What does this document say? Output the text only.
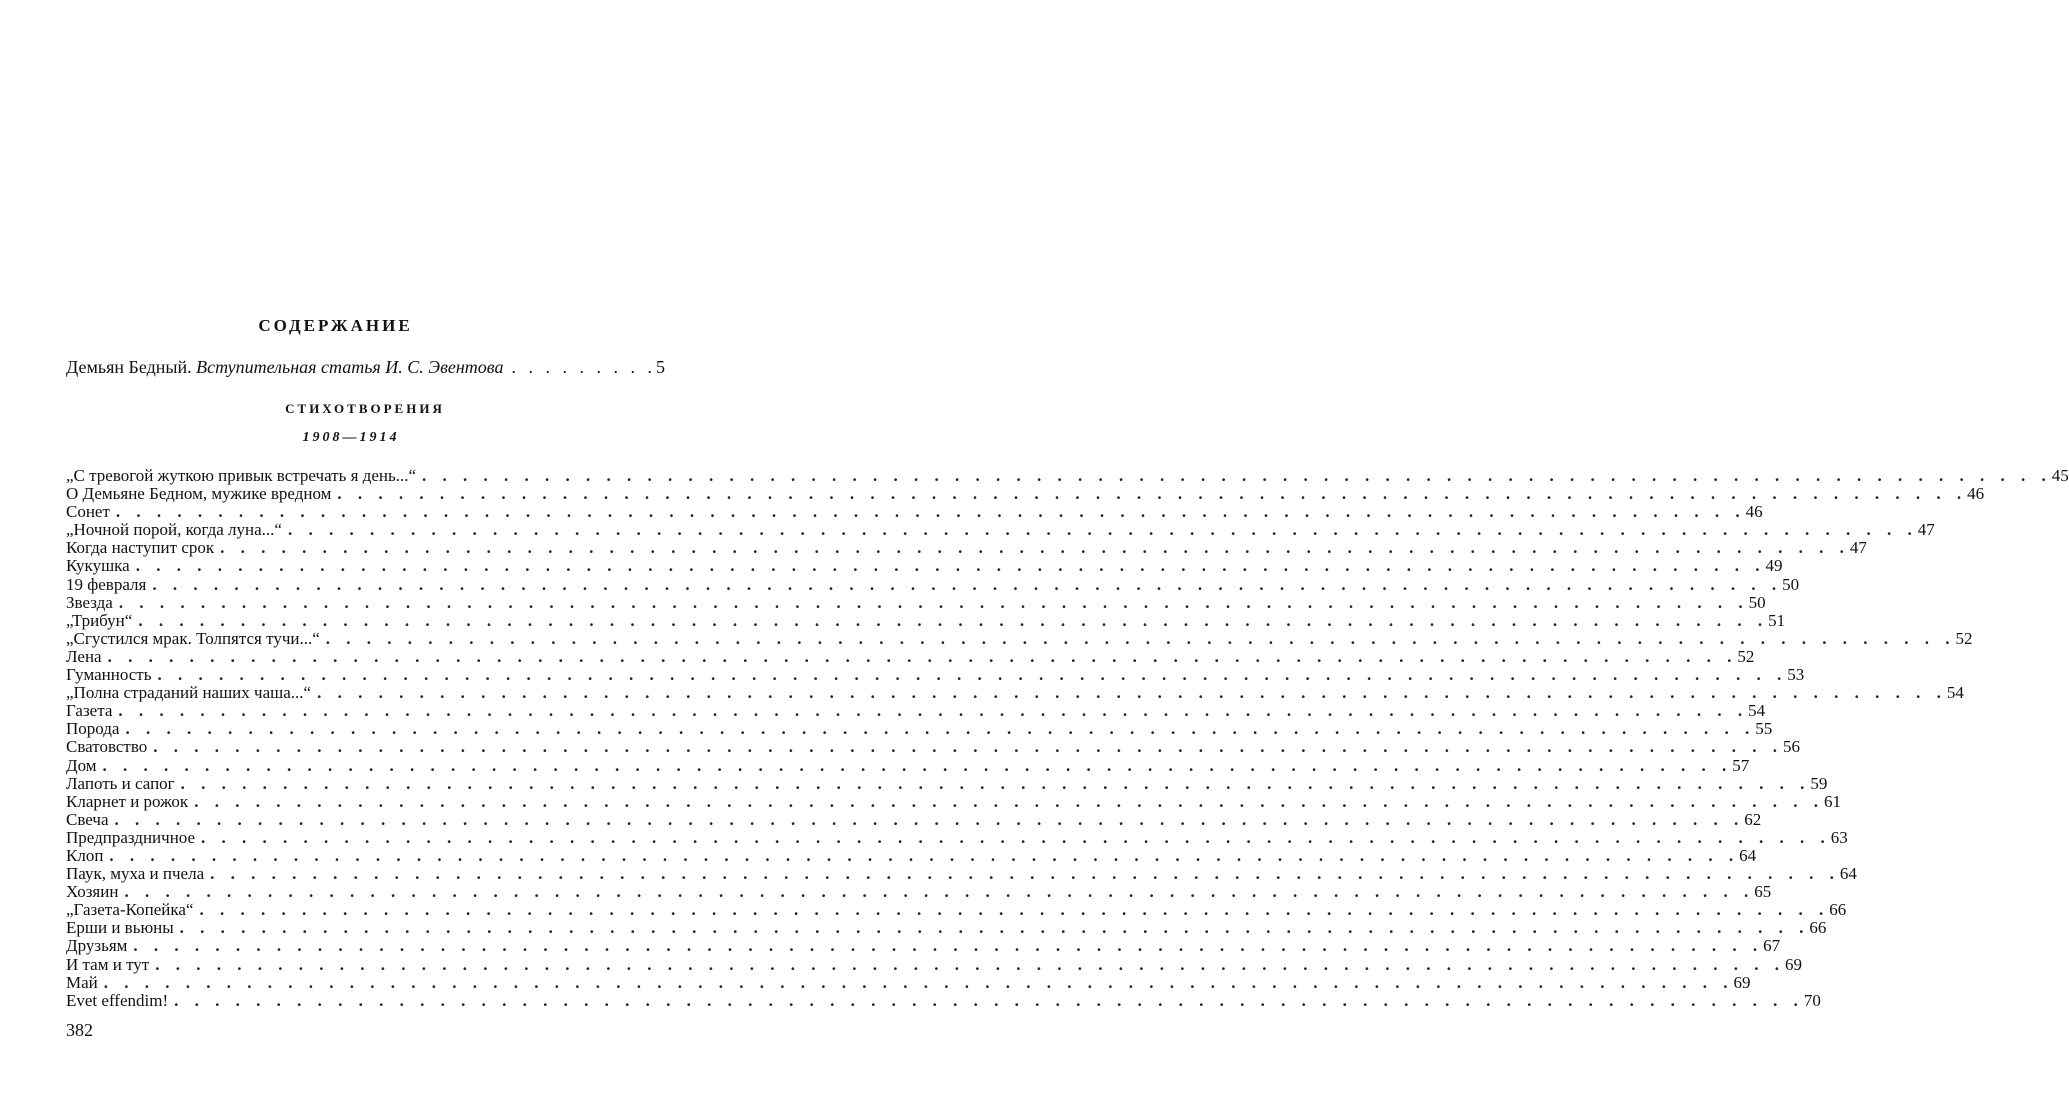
СОДЕРЖАНИЕ
Демьян Бедный. Вступительная статья И. С. Эвентова . . . . . . . . . 5
СТИХОТВОРЕНИЯ
1908—1914
„С тревогой жуткою привык встречать я день...“ . . . . . . . . . . . . . . . . . . . . . . . . . . . . . . . . . . . . . . . . . . . . . . . . . . . . . . . . . . . . . . . . . . . . . . . . . . . . . . . . 45
О Демьяне Бедном, мужике вредном . . . . . . . . . . . . . . . . . . . . . . . . . . . . . . . . . . . . . . . . . . . . . . . . . . . . . . . . . . . . . . . . . . . . . . . . . . . . . . . . 46
Сонет . . . . . . . . . . . . . . . . . . . . . . . . . . . . . . . . . . . . . . . . . . . . . . . . . . . . . . . . . . . . . . . . . . . . . . . . . . . . . . . . 46
„Ночной порой, когда луна...“ . . . . . . . . . . . . . . . . . . . . . . . . . . . . . . . . . . . . . . . . . . . . . . . . . . . . . . . . . . . . . . . . . . . . . . . . . . . . . . . . 47
Когда наступит срок . . . . . . . . . . . . . . . . . . . . . . . . . . . . . . . . . . . . . . . . . . . . . . . . . . . . . . . . . . . . . . . . . . . . . . . . . . . . . . . . 47
Кукушка . . . . . . . . . . . . . . . . . . . . . . . . . . . . . . . . . . . . . . . . . . . . . . . . . . . . . . . . . . . . . . . . . . . . . . . . . . . . . . . . 49
19 февраля . . . . . . . . . . . . . . . . . . . . . . . . . . . . . . . . . . . . . . . . . . . . . . . . . . . . . . . . . . . . . . . . . . . . . . . . . . . . . . . . 50
Звезда . . . . . . . . . . . . . . . . . . . . . . . . . . . . . . . . . . . . . . . . . . . . . . . . . . . . . . . . . . . . . . . . . . . . . . . . . . . . . . . . 50
„Трибун“ . . . . . . . . . . . . . . . . . . . . . . . . . . . . . . . . . . . . . . . . . . . . . . . . . . . . . . . . . . . . . . . . . . . . . . . . . . . . . . . . 51
„Сгустился мрак. Толпятся тучи...“ . . . . . . . . . . . . . . . . . . . . . . . . . . . . . . . . . . . . . . . . . . . . . . . . . . . . . . . . . . . . . . . . . . . . . . . . . . . . . . . . 52
Лена . . . . . . . . . . . . . . . . . . . . . . . . . . . . . . . . . . . . . . . . . . . . . . . . . . . . . . . . . . . . . . . . . . . . . . . . . . . . . . . . 52
Гуманность . . . . . . . . . . . . . . . . . . . . . . . . . . . . . . . . . . . . . . . . . . . . . . . . . . . . . . . . . . . . . . . . . . . . . . . . . . . . . . . . 53
„Полна страданий наших чаша...“ . . . . . . . . . . . . . . . . . . . . . . . . . . . . . . . . . . . . . . . . . . . . . . . . . . . . . . . . . . . . . . . . . . . . . . . . . . . . . . . . 54
Газета . . . . . . . . . . . . . . . . . . . . . . . . . . . . . . . . . . . . . . . . . . . . . . . . . . . . . . . . . . . . . . . . . . . . . . . . . . . . . . . . 54
Порода . . . . . . . . . . . . . . . . . . . . . . . . . . . . . . . . . . . . . . . . . . . . . . . . . . . . . . . . . . . . . . . . . . . . . . . . . . . . . . . . 55
Сватовство . . . . . . . . . . . . . . . . . . . . . . . . . . . . . . . . . . . . . . . . . . . . . . . . . . . . . . . . . . . . . . . . . . . . . . . . . . . . . . . . 56
Дом . . . . . . . . . . . . . . . . . . . . . . . . . . . . . . . . . . . . . . . . . . . . . . . . . . . . . . . . . . . . . . . . . . . . . . . . . . . . . . . . 57
Лапоть и сапог . . . . . . . . . . . . . . . . . . . . . . . . . . . . . . . . . . . . . . . . . . . . . . . . . . . . . . . . . . . . . . . . . . . . . . . . . . . . . . . . 59
Кларнет и рожок . . . . . . . . . . . . . . . . . . . . . . . . . . . . . . . . . . . . . . . . . . . . . . . . . . . . . . . . . . . . . . . . . . . . . . . . . . . . . . . . 61
Свеча . . . . . . . . . . . . . . . . . . . . . . . . . . . . . . . . . . . . . . . . . . . . . . . . . . . . . . . . . . . . . . . . . . . . . . . . . . . . . . . . 62
Предпраздничное . . . . . . . . . . . . . . . . . . . . . . . . . . . . . . . . . . . . . . . . . . . . . . . . . . . . . . . . . . . . . . . . . . . . . . . . . . . . . . . . 63
Клоп . . . . . . . . . . . . . . . . . . . . . . . . . . . . . . . . . . . . . . . . . . . . . . . . . . . . . . . . . . . . . . . . . . . . . . . . . . . . . . . . 64
Паук, муха и пчела . . . . . . . . . . . . . . . . . . . . . . . . . . . . . . . . . . . . . . . . . . . . . . . . . . . . . . . . . . . . . . . . . . . . . . . . . . . . . . . . 64
Хозяин . . . . . . . . . . . . . . . . . . . . . . . . . . . . . . . . . . . . . . . . . . . . . . . . . . . . . . . . . . . . . . . . . . . . . . . . . . . . . . . . 65
„Газета-Копейка“ . . . . . . . . . . . . . . . . . . . . . . . . . . . . . . . . . . . . . . . . . . . . . . . . . . . . . . . . . . . . . . . . . . . . . . . . . . . . . . . . 66
Ерши и вьюны . . . . . . . . . . . . . . . . . . . . . . . . . . . . . . . . . . . . . . . . . . . . . . . . . . . . . . . . . . . . . . . . . . . . . . . . . . . . . . . . 66
Друзьям . . . . . . . . . . . . . . . . . . . . . . . . . . . . . . . . . . . . . . . . . . . . . . . . . . . . . . . . . . . . . . . . . . . . . . . . . . . . . . . . 67
И там и тут . . . . . . . . . . . . . . . . . . . . . . . . . . . . . . . . . . . . . . . . . . . . . . . . . . . . . . . . . . . . . . . . . . . . . . . . . . . . . . . . 69
Май . . . . . . . . . . . . . . . . . . . . . . . . . . . . . . . . . . . . . . . . . . . . . . . . . . . . . . . . . . . . . . . . . . . . . . . . . . . . . . . . 69
Evet effendim! . . . . . . . . . . . . . . . . . . . . . . . . . . . . . . . . . . . . . . . . . . . . . . . . . . . . . . . . . . . . . . . . . . . . . . . . . . . . . . . . 70
382
